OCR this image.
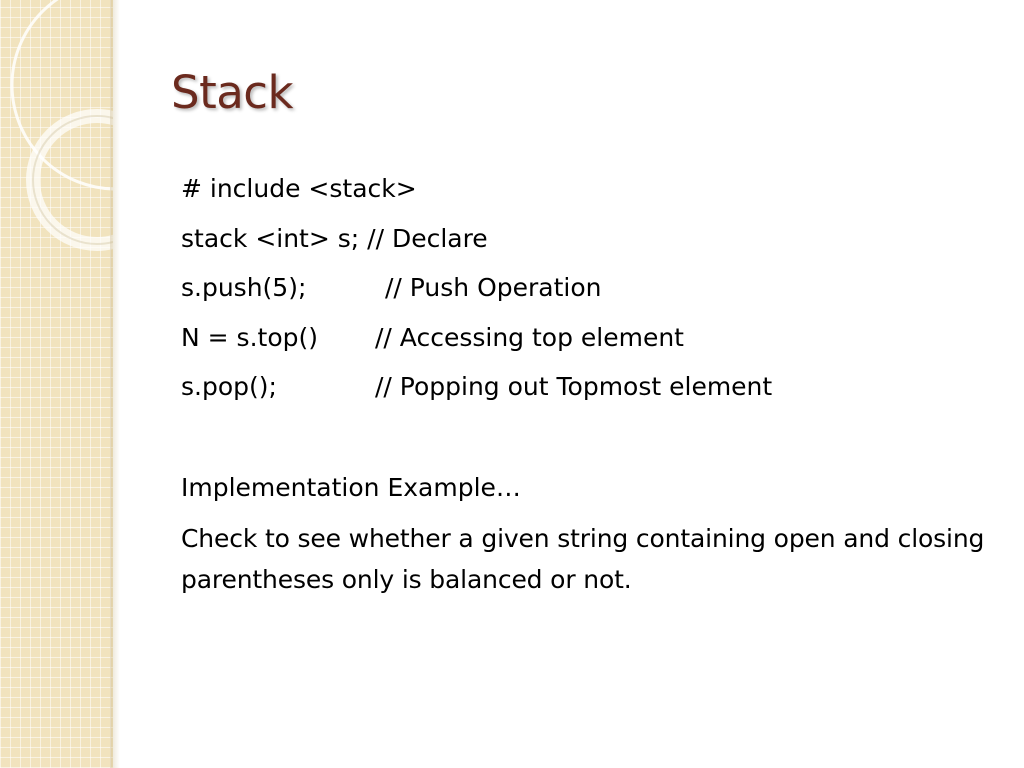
Stack
# include <stack>
stack <int> s; // Declare
s.push(5);	// Push Operation
N = s.top() // Accessing top element
s.pop();	// Popping out Topmost element
Implementation Example…
Check to see whether a given string containing open and closing parentheses only is balanced or not.
